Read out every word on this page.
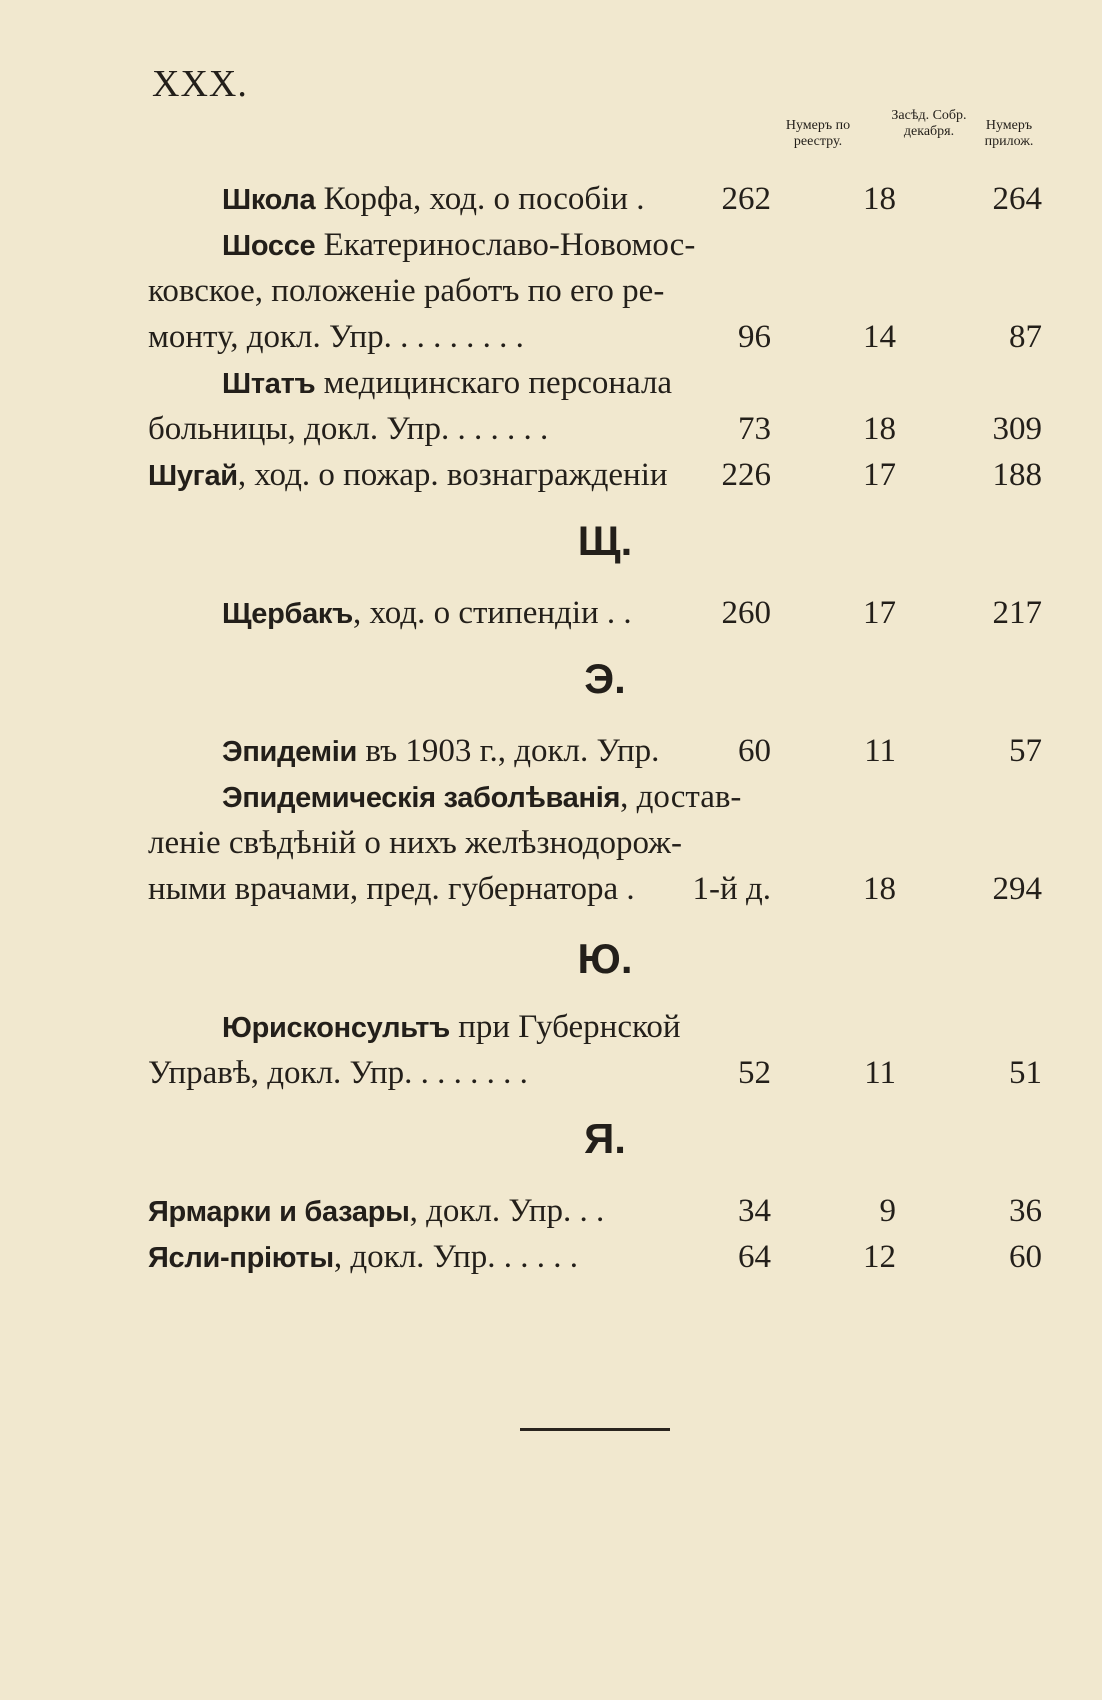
XXX.
Нумеръ по реестру.
Засѣд. Собр. декабря.	Нумеръ прилож.
Школа Корфа, ход. о пособіи .	262	18	264
Шоссе Екатеринославо-Новомос-
ковское, положеніе работъ по его ре-
монту, докл. Упр. . . . . . . . .	96	14	87
Штатъ медицинскаго персонала
больницы, докл. Упр. . . . . . .	73	18	309
Шугай, ход. о пожар. вознагражденіи	226	17	188
Щ.
Щербакъ, ход. о стипендіи . .	260	17	217
Э.
Эпидеміи въ 1903 г., докл. Упр.	60	11	57
Эпидемическія заболѣванія, достав-
леніе свѣдѣній о нихъ желѣзнодорож-
ными врачами, пред. губернатора .	1-й д.	18	294
Ю.
Юрисконсультъ при Губернской
Управѣ, докл. Упр. . . . . . . .	52	11	51
Я.
Ярмарки и базары, докл. Упр. . .	34	9	36
Ясли-пріюты, докл. Упр. . . . . .	64	12	60
